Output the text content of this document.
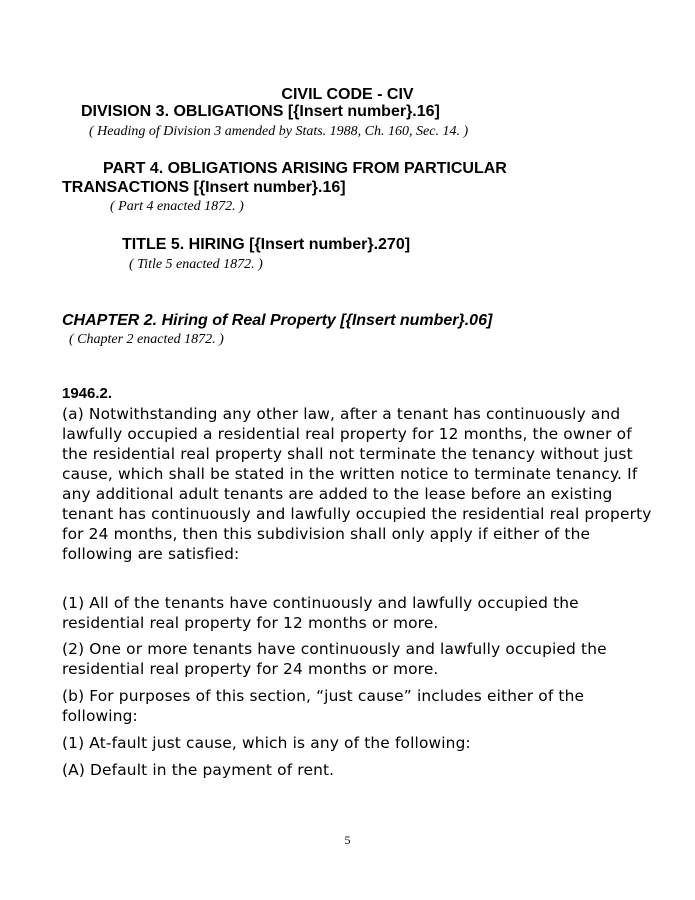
CIVIL CODE - CIV
DIVISION 3. OBLIGATIONS [{Insert number}.16]
( Heading of Division 3 amended by Stats. 1988, Ch. 160, Sec. 14. )
PART 4. OBLIGATIONS ARISING FROM PARTICULAR
TRANSACTIONS [{Insert number}.16]
( Part 4 enacted 1872. )
TITLE 5. HIRING [{Insert number}.270]
( Title 5 enacted 1872. )
CHAPTER 2. Hiring of Real Property [{Insert number}.06]
( Chapter 2 enacted 1872. )
1946.2.
(a) Notwithstanding any other law, after a tenant has continuously and lawfully occupied a residential real property for 12 months, the owner of the residential real property shall not terminate the tenancy without just cause, which shall be stated in the written notice to terminate tenancy. If any additional adult tenants are added to the lease before an existing tenant has continuously and lawfully occupied the residential real property for 24 months, then this subdivision shall only apply if either of the following are satisfied:
(1) All of the tenants have continuously and lawfully occupied the residential real property for 12 months or more.
(2) One or more tenants have continuously and lawfully occupied the residential real property for 24 months or more.
(b) For purposes of this section, “just cause” includes either of the following:
(1) At-fault just cause, which is any of the following:
(A) Default in the payment of rent.
5
